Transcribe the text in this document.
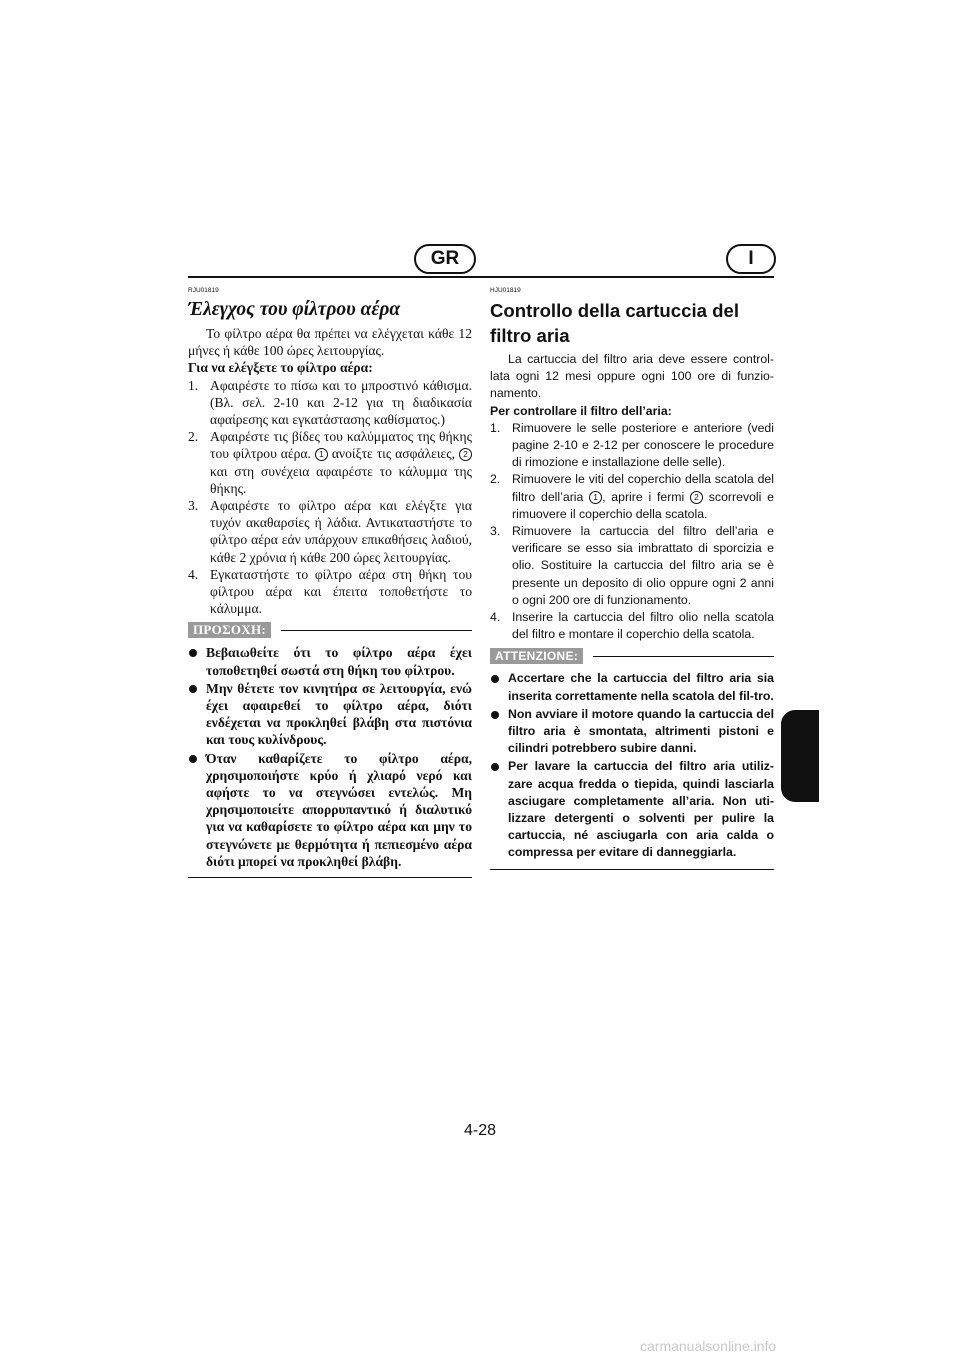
GR	I
RJU01819
Έλεγχος του φίλτρου αέρα

Το φίλτρο αέρα θα πρέπει να ελέγχεται κάθε 12 μήνες ή κάθε 100 ώρες λειτουργίας.

Για να ελέγξετε το φίλτρο αέρα:

1. Αφαιρέστε το πίσω και το μπροστινό κάθισμα. (Βλ. σελ. 2-10 και 2-12 για τη διαδικασία αφαίρεσης και εγκατάστασης καθίσματος.)
2. Αφαιρέστε τις βίδες του καλύμματος της θήκης του φίλτρου αέρα. 1 ανοίξτε τις ασφάλειες, 2 και στη συνέχεια αφαιρέστε το κάλυμμα της θήκης.
3. Αφαιρέστε το φίλτρο αέρα και ελέγξτε για τυχόν ακαθαρσίες ή λάδια. Αντικαταστήστε το φίλτρο αέρα εάν υπάρχουν επικαθήσεις λαδιού, κάθε 2 χρόνια ή κάθε 200 ώρες λειτουργίας.
4. Εγκαταστήστε το φίλτρο αέρα στη θήκη του φίλτρου αέρα και έπειτα τοποθετήστε το κάλυμμα.
ΠΡΟΣΟΧΗ:
Βεβαιωθείτε ότι το φίλτρο αέρα έχει τοποθετηθεί σωστά στη θήκη του φίλτρου.
Μην θέτετε τον κινητήρα σε λειτουργία, ενώ έχει αφαιρεθεί το φίλτρο αέρα, διότι ενδέχεται να προκληθεί βλάβη στα πιστόνια και τους κυλίνδρους.
Όταν καθαρίζετε το φίλτρο αέρα, χρησιμοποιήστε κρύο ή χλιαρό νερό και αφήστε το να στεγνώσει εντελώς. Μη χρησιμοποιείτε απορρυπαντικό ή διαλυτικό για να καθαρίσετε το φίλτρο αέρα και μην το στεγνώνετε με θερμότητα ή πεπιεσμένο αέρα διότι μπορεί να προκληθεί βλάβη.
HJU01819
Controllo della cartuccia del filtro aria

La cartuccia del filtro aria deve essere control-lata ogni 12 mesi oppure ogni 100 ore di funzio-namento.

Per controllare il filtro dell’aria:

1. Rimuovere le selle posteriore e anteriore (vedi pagine 2-10 e 2-12 per conoscere le procedure di rimozione e installazione delle selle).
2. Rimuovere le viti del coperchio della scatola del filtro dell’aria 1 , aprire i fermi 2 scorrevoli e rimuovere il coperchio della scatola.
3. Rimuovere la cartuccia del filtro dell’aria e verificare se esso sia imbrattato di sporcizia e olio. Sostituire la cartuccia del filtro aria se è presente un deposito di olio oppure ogni 2 anni o ogni 200 ore di funzionamento.
4. Inserire la cartuccia del filtro olio nella scatola del filtro e montare il coperchio della scatola.
ATTENZIONE:
Accertare che la cartuccia del filtro aria sia inserita correttamente nella scatola del fil-tro.
Non avviare il motore quando la cartuccia del filtro aria è smontata, altrimenti pistoni e cilindri potrebbero subire danni.
Per lavare la cartuccia del filtro aria utiliz-zare acqua fredda o tiepida, quindi lasciarla asciugare completamente all’aria. Non uti-lizzare detergenti o solventi per pulire la cartuccia, né asciugarla con aria calda o compressa per evitare di danneggiarla.
4-28
carmanualsonline.info
